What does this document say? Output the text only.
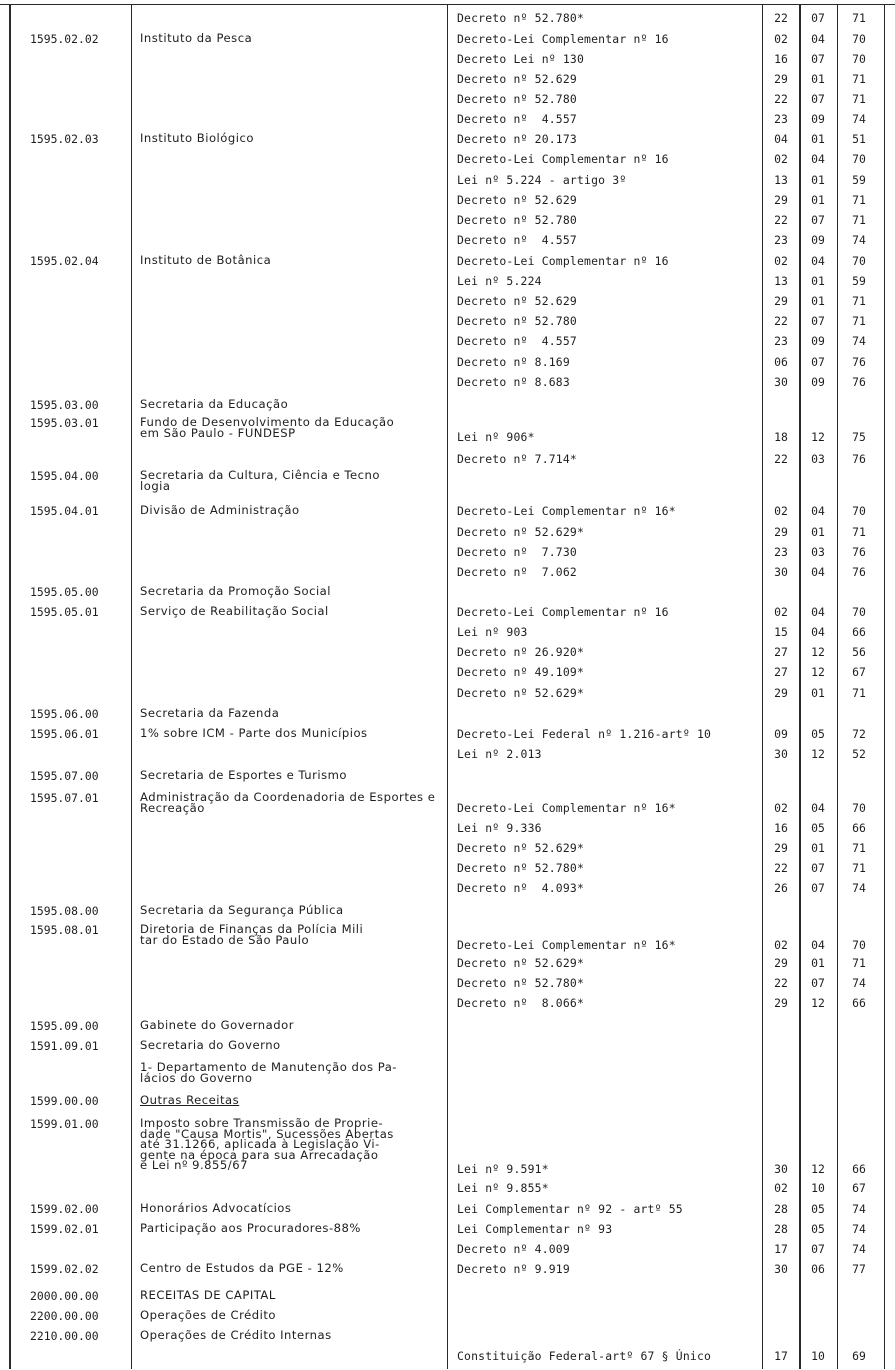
Decreto nº 52.780*	22	07	71
1595.02.02	Instituto da Pesca	Decreto-Lei Complementar nº 16	02	04	70
Decreto Lei nº 130	16	07	70
Decreto nº 52.629	29	01	71
Decreto nº 52.780	22	07	71
Decreto nº  4.557	23	09	74
1595.02.03	Instituto Biológico	Decreto nº 20.173	04	01	51
Decreto-Lei Complementar nº 16	02	04	70
Lei nº 5.224 - artigo 3º	13	01	59
Decreto nº 52.629	29	01	71
Decreto nº 52.780	22	07	71
Decreto nº  4.557	23	09	74
1595.02.04	Instituto de Botânica	Decreto-Lei Complementar nº 16	02	04	70
Lei nº 5.224	13	01	59
Decreto nº 52.629	29	01	71
Decreto nº 52.780	22	07	71
Decreto nº  4.557	23	09	74
Decreto nº 8.169	06	07	76
Decreto nº 8.683	30	09	76
1595.03.00	Secretaria da Educação
1595.03.01	Fundo de Desenvolvimento da Educação
em São Paulo - FUNDESP	Lei nº 906*	18	12	75
Decreto nº 7.714*	22	03	76
1595.04.00	Secretaria da Cultura, Ciência e Tecno
logia
1595.04.01	Divisão de Administração	Decreto-Lei Complementar nº 16*	02	04	70
Decreto nº 52.629*	29	01	71
Decreto nº  7.730	23	03	76
Decreto nº  7.062	30	04	76
1595.05.00	Secretaria da Promoção Social
1595.05.01	Serviço de Reabilitação Social	Decreto-Lei Complementar nº 16	02	04	70
Lei nº 903	15	04	66
Decreto nº 26.920*	27	12	56
Decreto nº 49.109*	27	12	67
Decreto nº 52.629*	29	01	71
1595.06.00	Secretaria da Fazenda
1595.06.01	1% sobre ICM - Parte dos Municípios	Decreto-Lei Federal nº 1.216-artº 10	09	05	72
Lei nº 2.013	30	12	52
1595.07.00	Secretaria de Esportes e Turismo
1595.07.01	Administração da Coordenadoria de Esportes e
Recreação	Decreto-Lei Complementar nº 16*	02	04	70
Lei nº 9.336	16	05	66
Decreto nº 52.629*	29	01	71
Decreto nº 52.780*	22	07	71
Decreto nº  4.093*	26	07	74
1595.08.00	Secretaria da Segurança Pública
1595.08.01	Diretoria de Finanças da Polícia Mili
tar do Estado de São Paulo	Decreto-Lei Complementar nº 16*	02	04	70
Decreto nº 52.629*	29	01	71
Decreto nº 52.780*	22	07	74
Decreto nº  8.066*	29	12	66
1595.09.00	Gabinete do Governador
1591.09.01	Secretaria do Governo
1- Departamento de Manutenção dos Pa-
lácios do Governo
1599.00.00	Outras Receitas
1599.01.00	Imposto sobre Transmissão de Proprie-
dade "Causa Mortis", Sucessões Abertas
até 31.1266, aplicada à Legislação Vi-
gente na época para sua Arrecadação
e Lei nº 9.855/67	Lei nº 9.591*	30	12	66
Lei nº 9.855*	02	10	67
1599.02.00	Honorários Advocatícios	Lei Complementar nº 92 - artº 55	28	05	74
1599.02.01	Participação aos Procuradores-88%	Lei Complementar nº 93	28	05	74
Decreto nº 4.009	17	07	74
1599.02.02	Centro de Estudos da PGE - 12%	Decreto nº 9.919	30	06	77
2000.00.00	RECEITAS DE CAPITAL
2200.00.00	Operações de Crédito
2210.00.00	Operações de Crédito Internas
Constituição Federal-artº 67 § Único	17	10	69
